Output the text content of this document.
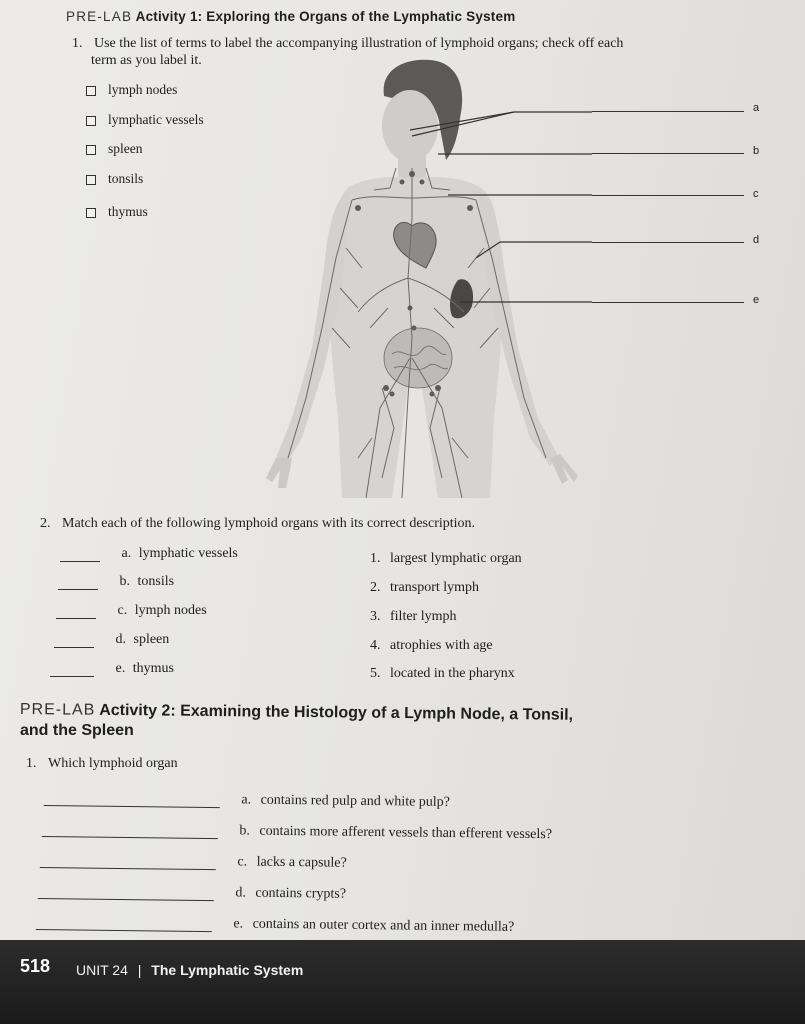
PRE-LAB Activity 1: Exploring the Organs of the Lymphatic System
1. Use the list of terms to label the accompanying illustration of lymphoid organs; check off each
term as you label it.
lymph nodes
lymphatic vessels
spleen
tonsils
thymus
a
b
c
d
e
2. Match each of the following lymphoid organs with its correct description.
a. lymphatic vessels
b. tonsils
c. lymph nodes
d. spleen
e. thymus
1. largest lymphatic organ
2. transport lymph
3. filter lymph
4. atrophies with age
5. located in the pharynx
PRE-LAB Activity 2: Examining the Histology of a Lymph Node, a Tonsil,
and the Spleen
1. Which lymphoid organ
a. contains red pulp and white pulp?
b. contains more afferent vessels than efferent vessels?
c. lacks a capsule?
d. contains crypts?
e. contains an outer cortex and an inner medulla?
518 UNIT 24 | The Lymphatic System
